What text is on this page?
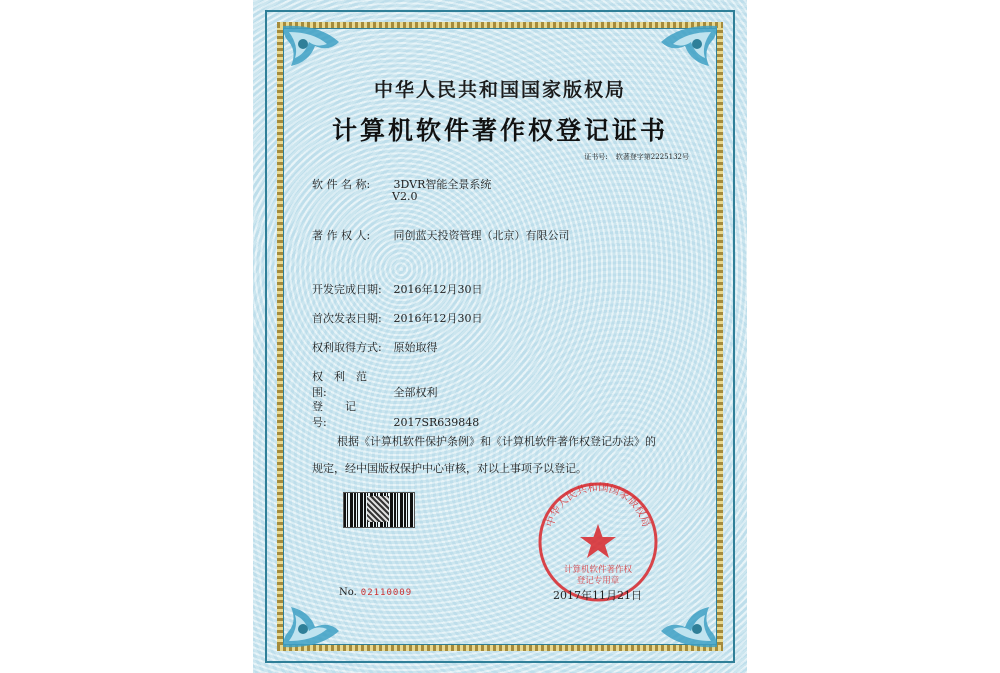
中华人民共和国国家版权局
计算机软件著作权登记证书
证书号: 软著登字第2225132号
软 件 名 称: 3DVR智能全景系统
V2.0
著 作 权 人: 同创蓝天投资管理（北京）有限公司
开发完成日期: 2016年12月30日
首次发表日期: 2016年12月30日
权利取得方式: 原始取得
权　利　范　围:	全部权利
登　　记　　号:	2017SR639848
根据《计算机软件保护条例》和《计算机软件著作权登记办法》的
规定，经中国版权保护中心审核，对以上事项予以登记。
中华人民共和国国家版权局
计算机软件著作权
登记专用章
No. 02110009	2017年11月21日
